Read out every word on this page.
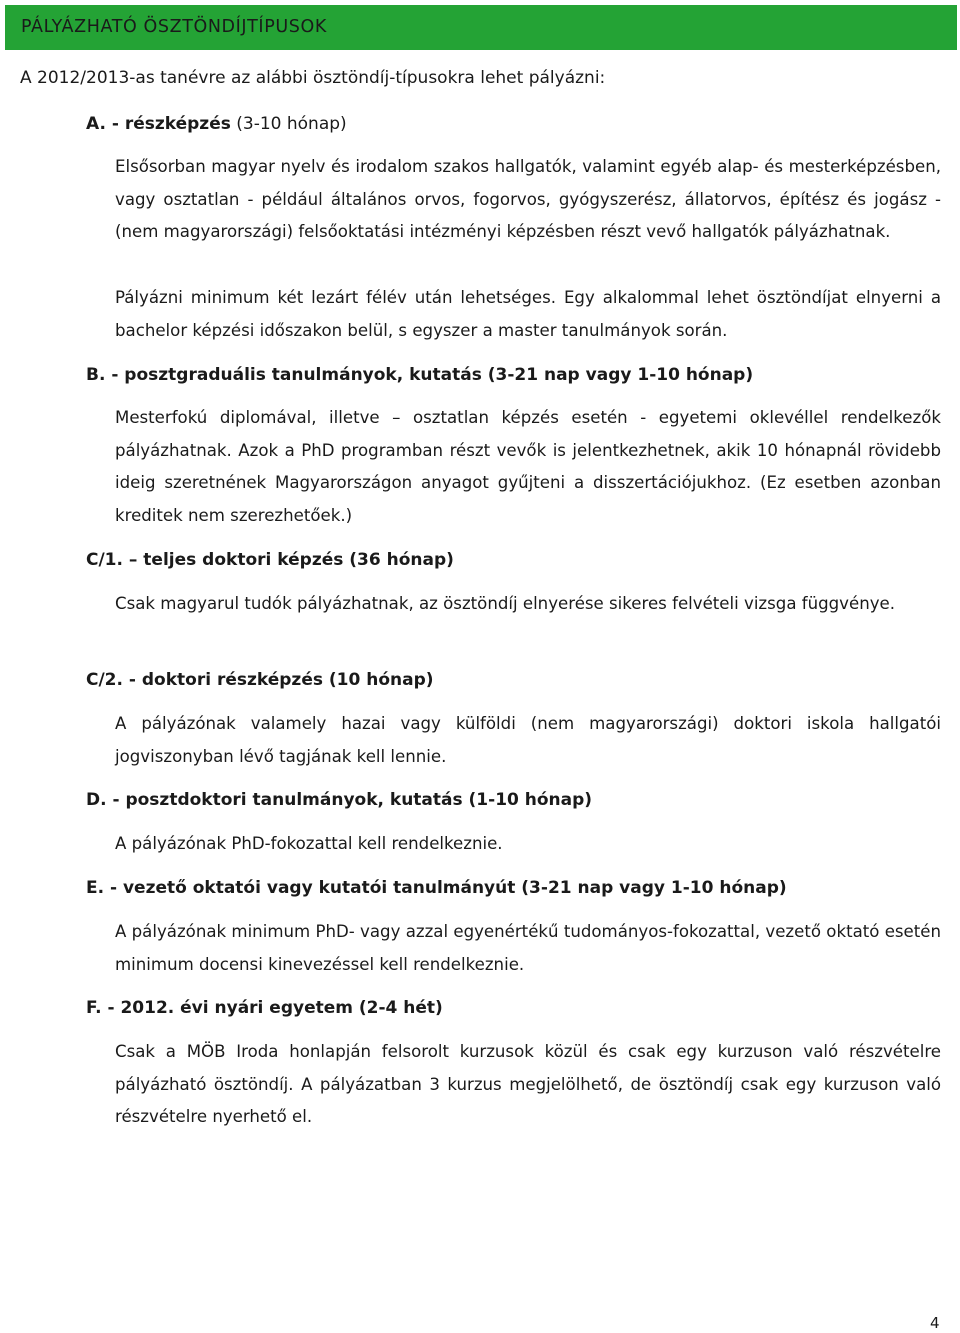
PÁLYÁZHATÓ ÖSZTÖNDÍJTÍPUSOK
A 2012/2013-as tanévre az alábbi ösztöndíj-típusokra lehet pályázni:
A. - részképzés (3-10 hónap)

Elsősorban magyar nyelv és irodalom szakos hallgatók, valamint egyéb alap- és mesterképzésben, vagy osztatlan - például általános orvos, fogorvos, gyógyszerész, állatorvos, építész és jogász - (nem magyarországi) felsőoktatási intézményi képzésben részt vevő hallgatók pályázhatnak.

Pályázni minimum két lezárt félév után lehetséges. Egy alkalommal lehet ösztöndíjat elnyerni a bachelor képzési időszakon belül, s egyszer a master tanulmányok során.

B. - posztgraduális tanulmányok, kutatás (3-21 nap vagy 1-10 hónap)

Mesterfokú diplomával, illetve – osztatlan képzés esetén - egyetemi oklevéllel rendelkezők pályázhatnak. Azok a PhD programban részt vevők is jelentkezhetnek, akik 10 hónapnál rövidebb ideig szeretnének Magyarországon anyagot gyűjteni a disszertációjukhoz. (Ez esetben azonban kreditek nem szerezhetőek.)

C/1. – teljes doktori képzés (36 hónap)

Csak magyarul tudók pályázhatnak, az ösztöndíj elnyerése sikeres felvételi vizsga függvénye.

C/2. - doktori részképzés (10 hónap)

A pályázónak valamely hazai vagy külföldi (nem magyarországi) doktori iskola hallgatói jogviszonyban lévő tagjának kell lennie.

D. - posztdoktori tanulmányok, kutatás (1-10 hónap)

A pályázónak PhD-fokozattal kell rendelkeznie.

E. - vezető oktatói vagy kutatói tanulmányút (3-21 nap vagy 1-10 hónap)

A pályázónak minimum PhD- vagy azzal egyenértékű tudományos-fokozattal, vezető oktató esetén minimum docensi kinevezéssel kell rendelkeznie.

F. - 2012. évi nyári egyetem (2-4 hét)

Csak a MÖB Iroda honlapján felsorolt kurzusok közül és csak egy kurzuson való részvételre pályázható ösztöndíj. A pályázatban 3 kurzus megjelölhető, de ösztöndíj csak egy kurzuson való részvételre nyerhető el.

4
